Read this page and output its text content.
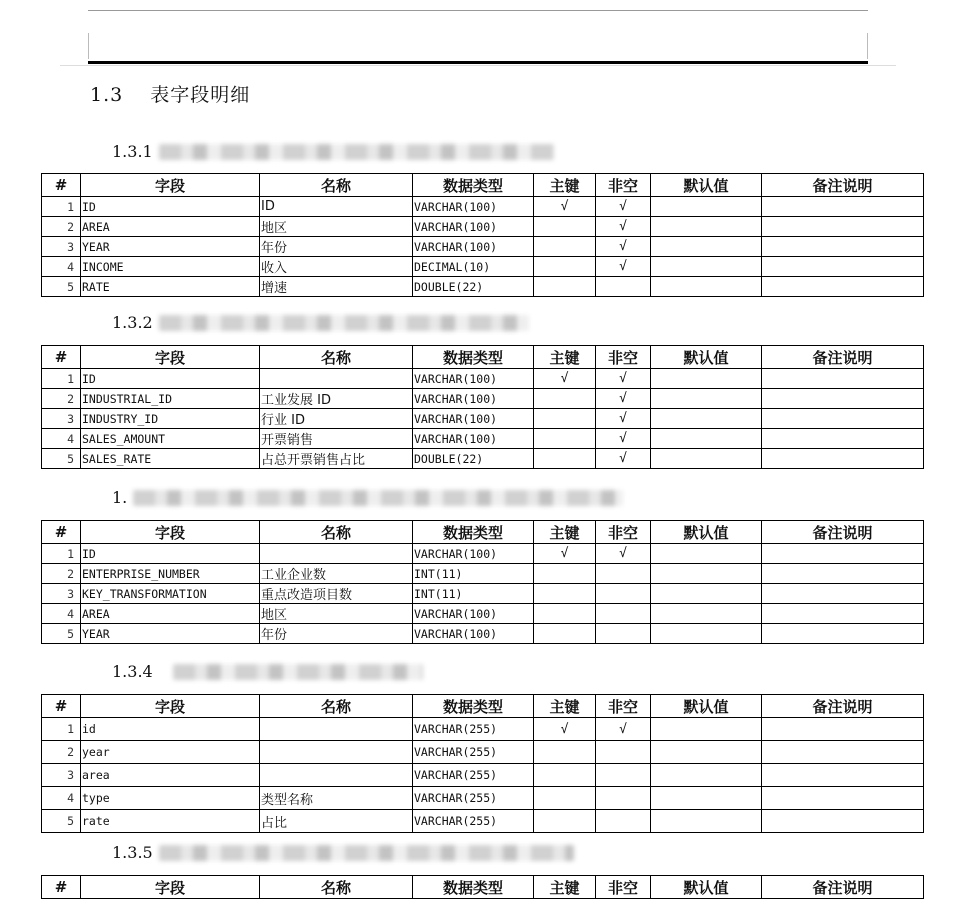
1.3 表字段明细
1.3.1
#	字段	名称	数据类型	主键	非空	默认值	备注说明
1	ID	ID	VARCHAR(100)	√	√		
2	AREA	地区	VARCHAR(100)		√		
3	YEAR	年份	VARCHAR(100)		√		
4	INCOME	收入	DECIMAL(10)		√		
5	RATE	增速	DOUBLE(22)				
1.3.2
#	字段	名称	数据类型	主键	非空	默认值	备注说明
1	ID		VARCHAR(100)	√	√		
2	INDUSTRIAL_ID	工业发展 ID	VARCHAR(100)		√		
3	INDUSTRY_ID	行业 ID	VARCHAR(100)		√		
4	SALES_AMOUNT	开票销售	VARCHAR(100)		√		
5	SALES_RATE	占总开票销售占比	DOUBLE(22)		√		
1.
#	字段	名称	数据类型	主键	非空	默认值	备注说明
1	ID		VARCHAR(100)	√	√		
2	ENTERPRISE_NUMBER	工业企业数	INT(11)				
3	KEY_TRANSFORMATION	重点改造项目数	INT(11)				
4	AREA	地区	VARCHAR(100)				
5	YEAR	年份	VARCHAR(100)				
1.3.4
#	字段	名称	数据类型	主键	非空	默认值	备注说明
1	id		VARCHAR(255)	√	√		
2	year		VARCHAR(255)				
3	area		VARCHAR(255)				
4	type	类型名称	VARCHAR(255)				
5	rate	占比	VARCHAR(255)				
1.3.5
#	字段	名称	数据类型	主键	非空	默认值	备注说明
